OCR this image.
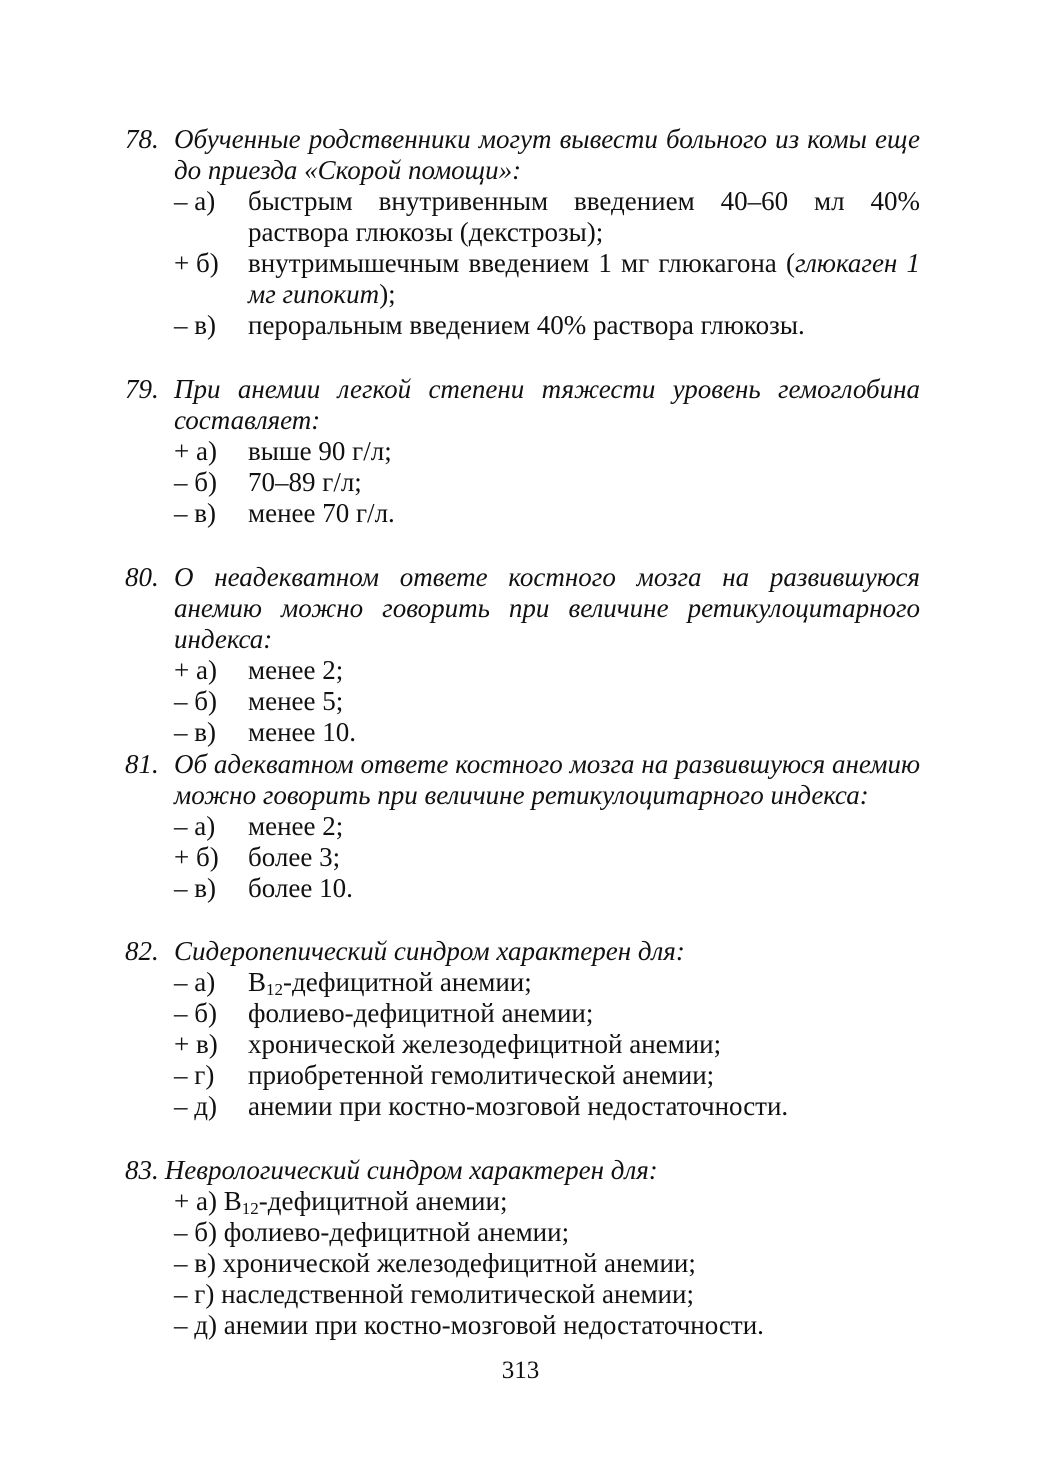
78. Обученные родственники могут вывести больного из комы еще до приезда «Скорой помощи»:
– а)	быстрым внутривенным введением 40–60 мл 40% раствора глюкозы (декстрозы);
+ б)	внутримышечным введением 1 мг глюкагона (глюкаген 1 мг гипокит);
– в)	пероральным введением 40% раствора глюкозы.
79. При анемии легкой степени тяжести уровень гемоглобина составляет:
+ а)	выше 90 г/л;
– б)	70–89 г/л;
– в)	менее 70 г/л.
80. О неадекватном ответе костного мозга на развившуюся анемию можно говорить при величине ретикулоцитарного индекса:
+ а)	менее 2;
– б)	менее 5;
– в)	менее 10.
81. Об адекватном ответе костного мозга на развившуюся анемию можно говорить при величине ретикулоцитарного индекса:
– а)	менее 2;
+ б)	более 3;
– в)	более 10.
82. Сидеропепический синдром характерен для:
– а)	$В_{12}$-дефицитной анемии;
– б)	фолиево-дефицитной анемии;
+ в)	хронической железодефицитной анемии;
– г)	приобретенной гемолитической анемии;
– д)	анемии при костно-мозговой недостаточности.
83. Неврологический синдром характерен для:
+ а)
$В_{12}$-дефицитной анемии;
– б)
фолиево-дефицитной анемии;
– в)
хронической железодефицитной анемии;
– г)
наследственной гемолитической анемии;
– д)
анемии при костно-мозговой недостаточности.
313
